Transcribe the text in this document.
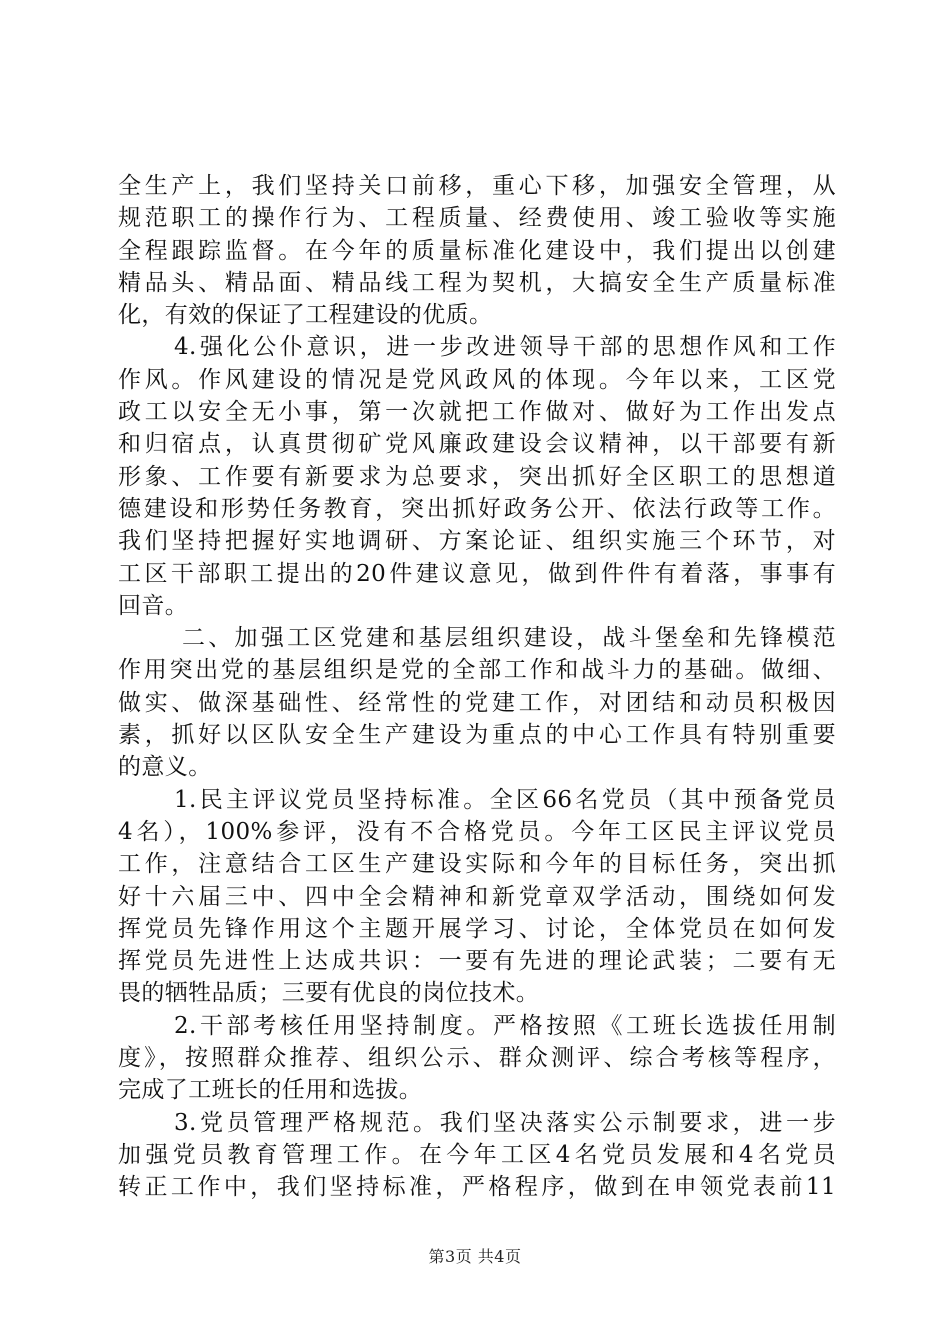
全生产上，我们坚持关口前移，重心下移，加强安全管理，从
规范职工的操作行为、工程质量、经费使用、竣工验收等实施
全程跟踪监督。在今年的质量标准化建设中，我们提出以创建
精品头、精品面、精品线工程为契机，大搞安全生产质量标准
化，有效的保证了工程建设的优质。
4.强化公仆意识，进一步改进领导干部的思想作风和工作
作风。作风建设的情况是党风政风的体现。今年以来，工区党
政工以安全无小事，第一次就把工作做对、做好为工作出发点
和归宿点，认真贯彻矿党风廉政建设会议精神，以干部要有新
形象、工作要有新要求为总要求，突出抓好全区职工的思想道
德建设和形势任务教育，突出抓好政务公开、依法行政等工作。
我们坚持把握好实地调研、方案论证、组织实施三个环节，对
工区干部职工提出的20件建议意见，做到件件有着落，事事有
回音。
二、加强工区党建和基层组织建设，战斗堡垒和先锋模范
作用突出党的基层组织是党的全部工作和战斗力的基础。做细、
做实、做深基础性、经常性的党建工作，对团结和动员积极因
素，抓好以区队安全生产建设为重点的中心工作具有特别重要
的意义。
1.民主评议党员坚持标准。全区66名党员（其中预备党员
4名），100%参评，没有不合格党员。今年工区民主评议党员
工作，注意结合工区生产建设实际和今年的目标任务，突出抓
好十六届三中、四中全会精神和新党章双学活动，围绕如何发
挥党员先锋作用这个主题开展学习、讨论，全体党员在如何发
挥党员先进性上达成共识：一要有先进的理论武装；二要有无
畏的牺牲品质；三要有优良的岗位技术。
2.干部考核任用坚持制度。严格按照《工班长选拔任用制
度》，按照群众推荐、组织公示、群众测评、综合考核等程序，
完成了工班长的任用和选拔。
3.党员管理严格规范。我们坚决落实公示制要求，进一步
加强党员教育管理工作。在今年工区4名党员发展和4名党员
转正工作中，我们坚持标准，严格程序，做到在申领党表前11
第3页 共4页
